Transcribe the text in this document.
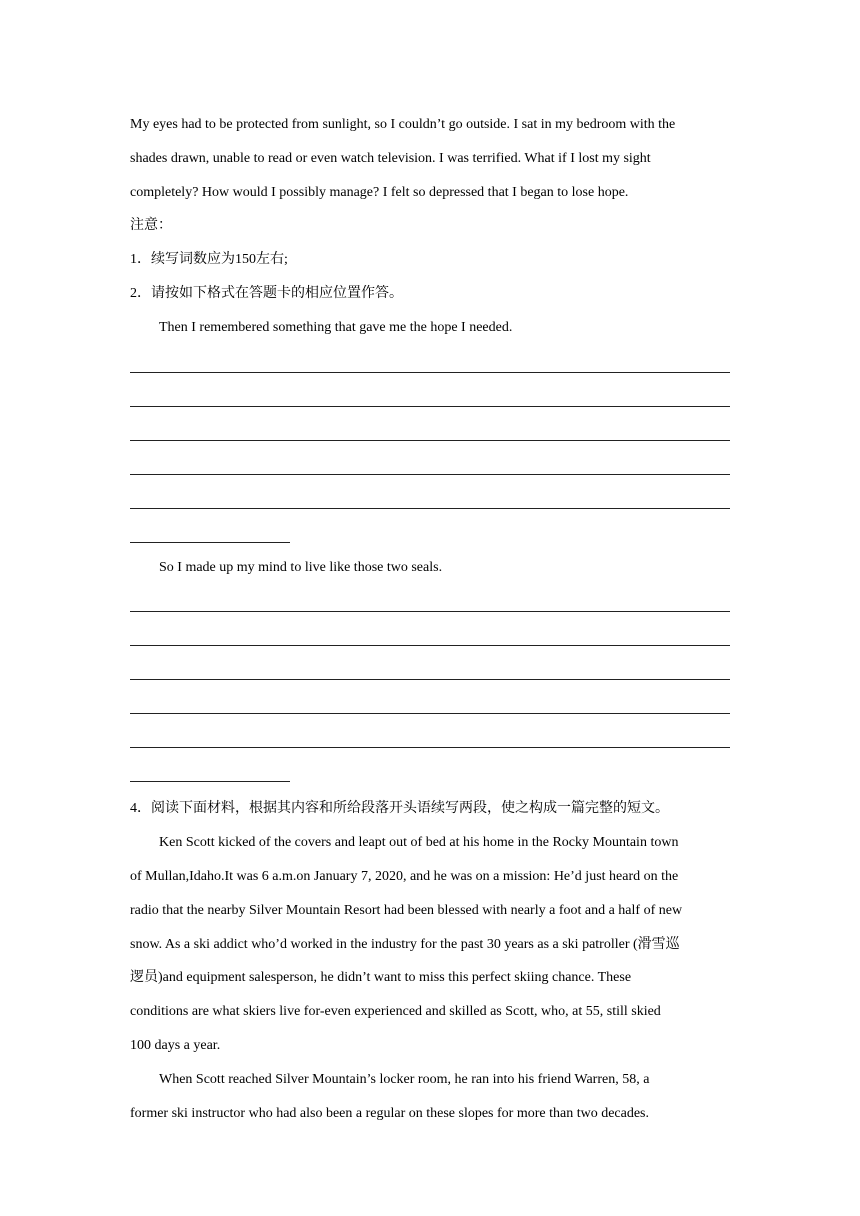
My eyes had to be protected from sunlight, so I couldn’t go outside. I sat in my bedroom with the
shades drawn, unable to read or even watch television. I was terrified. What if I lost my sight
completely? How would I possibly manage? I felt so depressed that I began to lose hope.
注意：
1．续写词数应为150左右;
2．请按如下格式在答题卡的相应位置作答。
Then I remembered something that gave me the hope I needed.
So I made up my mind to live like those two seals.
4．阅读下面材料，根据其内容和所给段落开头语续写两段，使之构成一篇完整的短文。
Ken Scott kicked of the covers and leapt out of bed at his home in the Rocky Mountain town
of Mullan,Idaho.It was 6 a.m.on January 7, 2020, and he was on a mission: He’d just heard on the
radio that the nearby Silver Mountain Resort had been blessed with nearly a foot and a half of new
snow. As a ski addict who’d worked in the industry for the past 30 years as a ski patroller (滑雪巡
逻员)and equipment salesperson, he didn’t want to miss this perfect skiing chance. These
conditions are what skiers live for-even experienced and skilled as Scott, who, at 55, still skied
100 days a year.
When Scott reached Silver Mountain’s locker room, he ran into his friend Warren, 58, a
former ski instructor who had also been a regular on these slopes for more than two decades.
